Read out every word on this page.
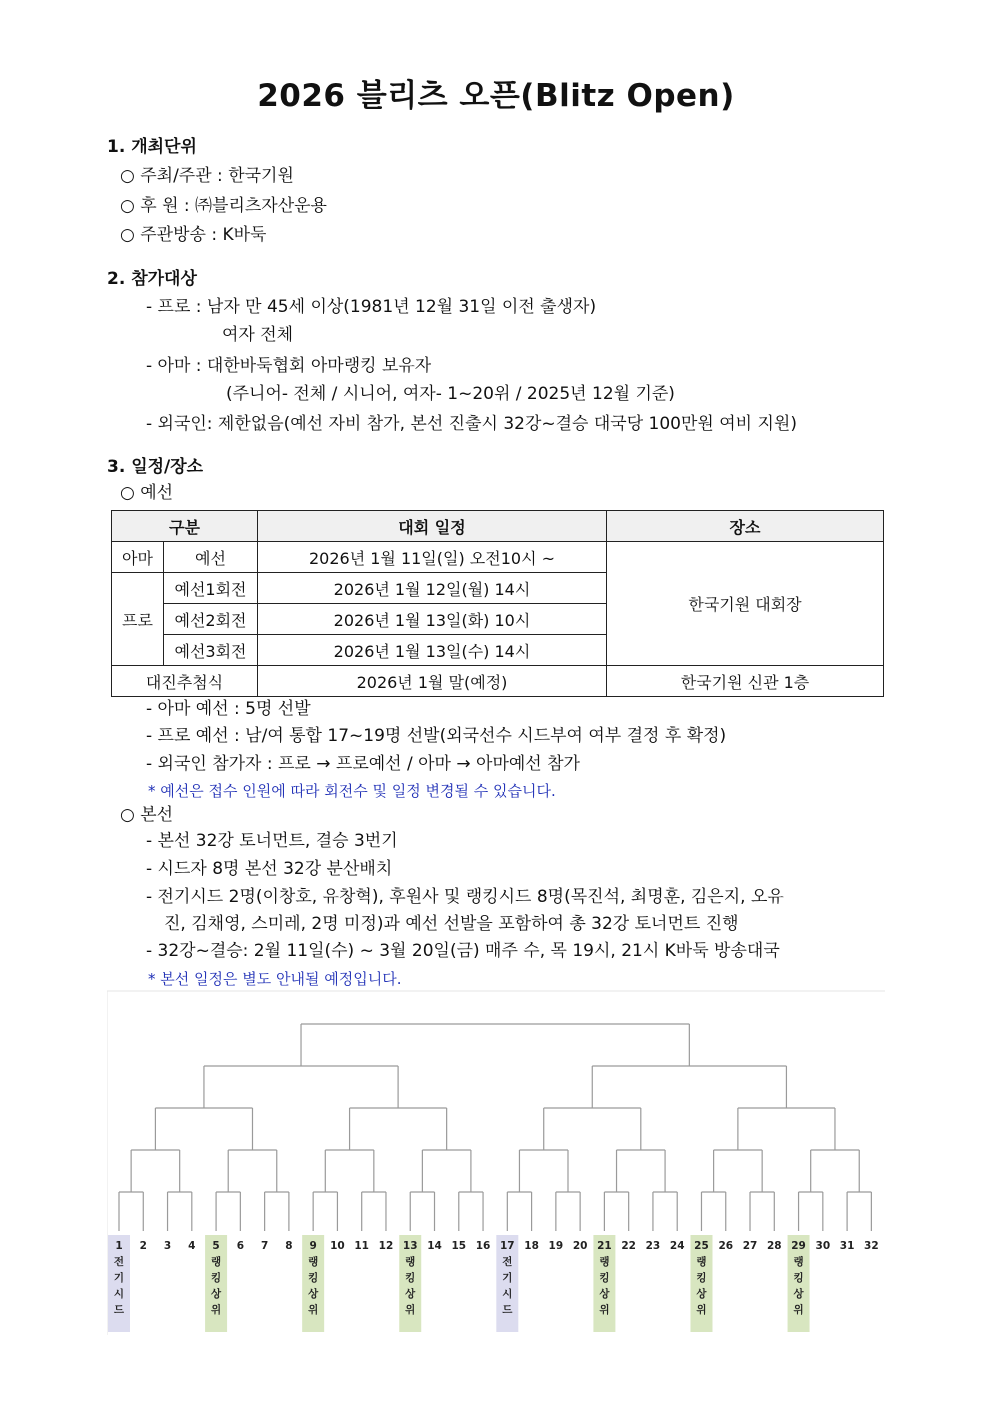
2026 블리츠 오픈(Blitz Open)
1. 개최단위
○ 주최/주관 : 한국기원
○ 후 원 : ㈜블리츠자산운용
○ 주관방송 : K바둑
2. 참가대상
- 프로 : 남자 만 45세 이상(1981년 12월 31일 이전 출생자)
여자 전체
- 아마 : 대한바둑협회 아마랭킹 보유자
(주니어- 전체 / 시니어, 여자- 1~20위 / 2025년 12월 기준)
- 외국인: 제한없음(예선 자비 참가, 본선 진출시 32강~결승 대국당 100만원 여비 지원)
3. 일정/장소
○ 예선
구분		대회 일정	장소
아마	예선	2026년 1월 11일(일) 오전10시 ~	한국기원 대회장
프로	예선1회전	2026년 1월 12일(월) 14시	
	예선2회전	2026년 1월 13일(화) 10시	
	예선3회전	2026년 1월 13일(수) 14시	
대진추첨식		2026년 1월 말(예정)	한국기원 신관 1층
- 아마 예선 : 5명 선발
- 프로 예선 : 남/여 통합 17~19명 선발(외국선수 시드부여 여부 결정 후 확정)
- 외국인 참가자 : 프로 → 프로예선 / 아마 → 아마예선 참가
* 예선은 접수 인원에 따라 회전수 및 일정 변경될 수 있습니다.
○ 본선
- 본선 32강 토너먼트, 결승 3번기
- 시드자 8명 본선 32강 분산배치
- 전기시드 2명(이창호, 유창혁), 후원사 및 랭킹시드 8명(목진석, 최명훈, 김은지, 오유
진, 김채영, 스미레, 2명 미정)과 예선 선발을 포함하여 총 32강 토너먼트 진행
- 32강~결승: 2월 11일(수) ~ 3월 20일(금) 매주 수, 목 19시, 21시 K바둑 방송대국
* 본선 일정은 별도 안내될 예정입니다.
1
전
기
시
드
2 3 4 5
랭
킹
상
위
6 7 8 9
랭
킹
상
위
10 11 12 13
랭
킹
상
위
14 15 16 17
전
기
시
드
18 19 20 21
랭
킹
상
위
22 23 24 25
랭
킹
상
위
26 27 28 29
랭
킹
상
위
30 31 32
